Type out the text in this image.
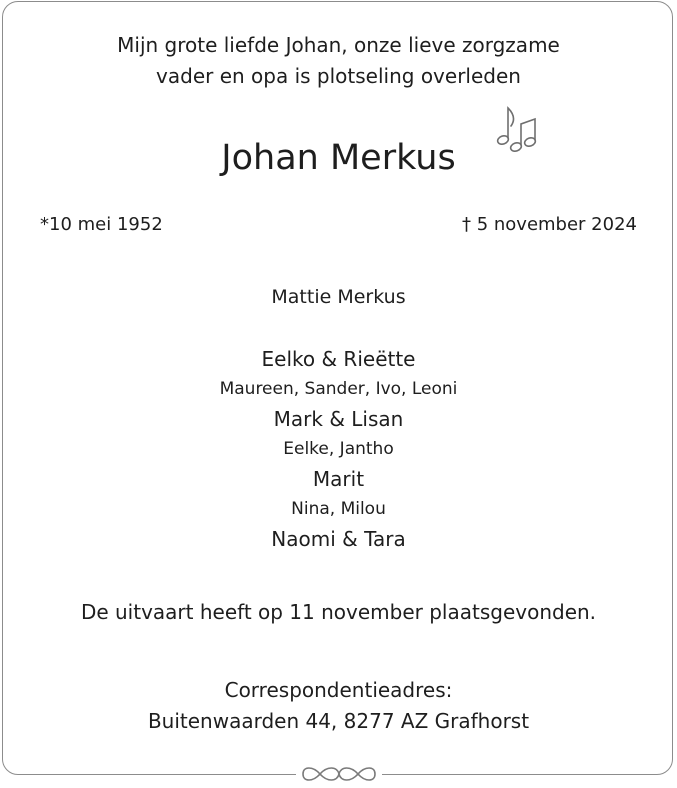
Mijn grote liefde Johan, onze lieve zorgzame
vader en opa is plotseling overleden
Johan Merkus
*10 mei 1952	† 5 november 2024
Mattie Merkus
Eelko & Rieëtte
Maureen, Sander, Ivo, Leoni
Mark & Lisan
Eelke, Jantho
Marit
Nina, Milou
Naomi & Tara
De uitvaart heeft op 11 november plaatsgevonden.
Correspondentieadres:
Buitenwaarden 44, 8277 AZ Grafhorst
